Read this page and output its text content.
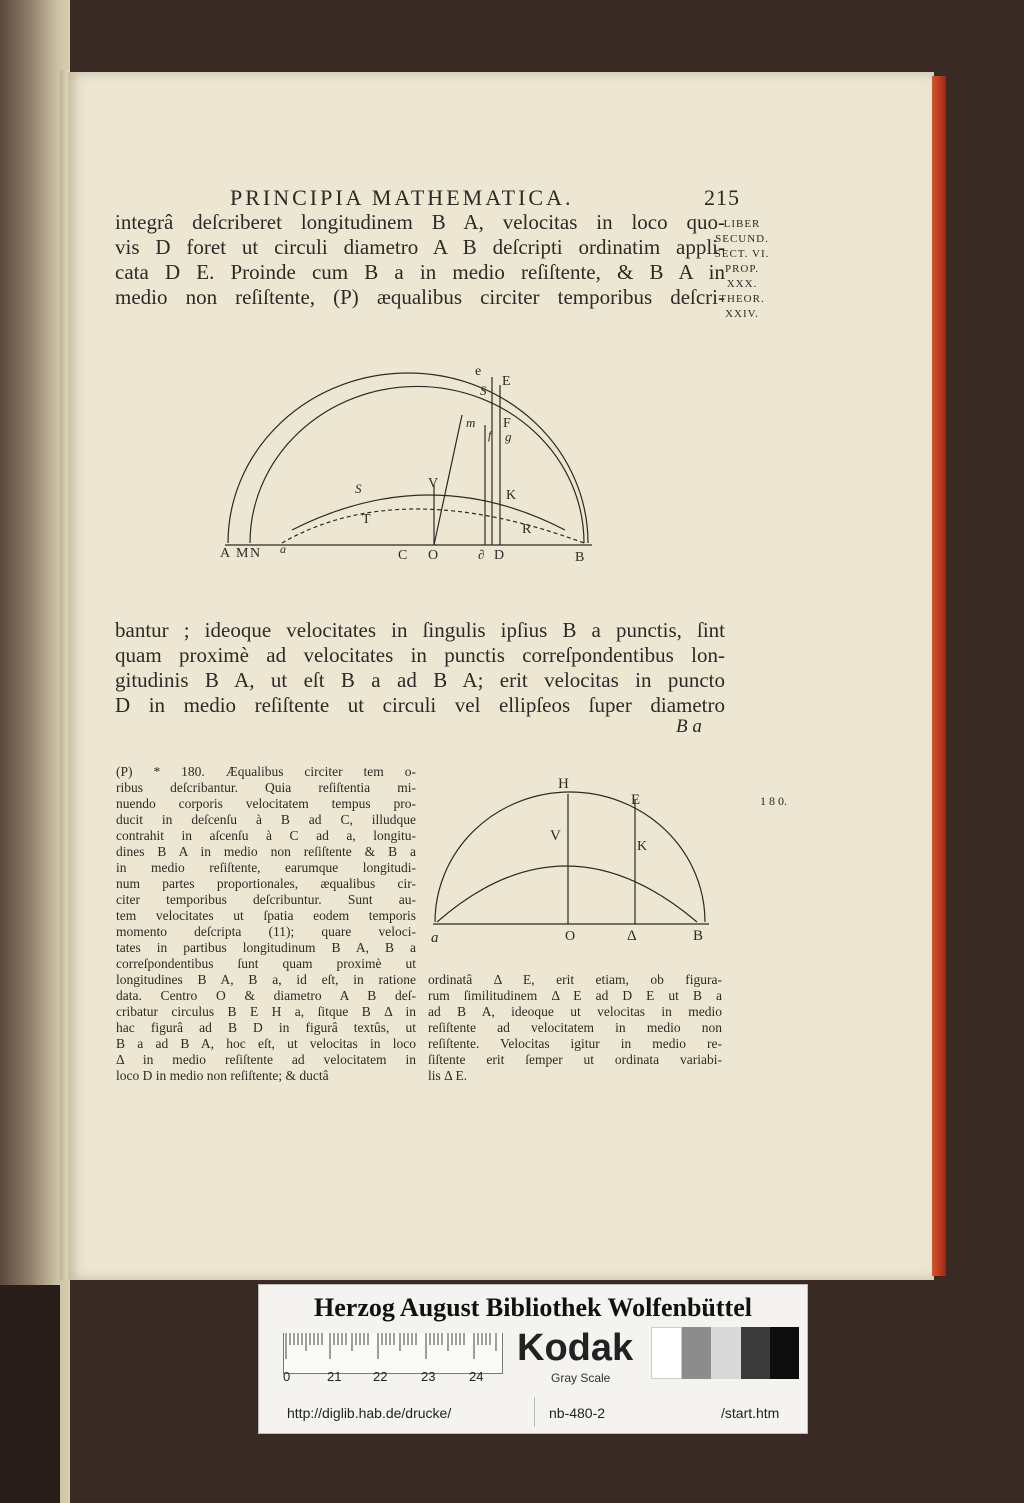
PRINCIPIA MATHEMATICA.	215
integrâ deſcriberet longitudinem B A, velocitas in loco quo-
vis D foret ut circuli diametro A B deſcripti ordinatim appli-
cata D E. Proinde cum B a in medio reſiſtente, & B A in
medio non reſiſtente, (P) æqualibus circiter temporibus deſcri-
LIBER
SECUND.
SECT. VI.
PROP.
XXX.
THEOR.
XXIV.
e
E
S
m F
f g
V
K
S
T
R
A M N a	C O	∂ D	B
bantur ; ideoque velocitates in ſingulis ipſius B a punctis, ſint
quam proximè ad velocitates in punctis correſpondentibus lon-
gitudinis B A, ut eſt B a ad B A; erit velocitas in puncto
D in medio reſiſtente ut circuli vel ellipſeos ſuper diametro
B a
(P) * 180. Æqualibus circiter tem o-
ribus deſcribantur. Quia reſiſtentia mi-
nuendo corporis velocitatem tempus pro-
ducit in deſcenſu à B ad C, illudque
contrahit in aſcenſu à C ad a, longitu-
dines B A in medio non reſiſtente & B a
in medio reſiſtente, earumque longitudi-
num partes proportionales, æqualibus cir-
citer temporibus deſcribuntur. Sunt au-
tem velocitates ut ſpatia eodem temporis
momento deſcripta (11); quare veloci-
tates in partibus longitudinum B A, B a
correſpondentibus ſunt quam proximè ut
longitudines B A, B a, id eſt, in ratione
data. Centro O & diametro A B deſ-
cribatur circulus B E H a, ſitque B Δ in
hac figurâ ad B D in figurâ textûs, ut
B a ad B A, hoc eſt, ut velocitas in loco
Δ in medio reſiſtente ad velocitatem in
loco D in medio non reſiſtente; & ductâ
1 8 0.
H
E
V
K
a	O	Δ	B
ordinatâ Δ E, erit etiam, ob figura-
rum ſimilitudinem Δ E ad D E ut B a
ad B A, ideoque ut velocitas in medio
reſiſtente ad velocitatem in medio non
reſiſtente. Velocitas igitur in medio re-
ſiſtente erit ſemper ut ordinata variabi-
lis Δ E.
Herzog August Bibliothek Wolfenbüttel
0	21 22	23	24
Kodak
Gray Scale
http://diglib.hab.de/drucke/	nb-480-2	/start.htm
